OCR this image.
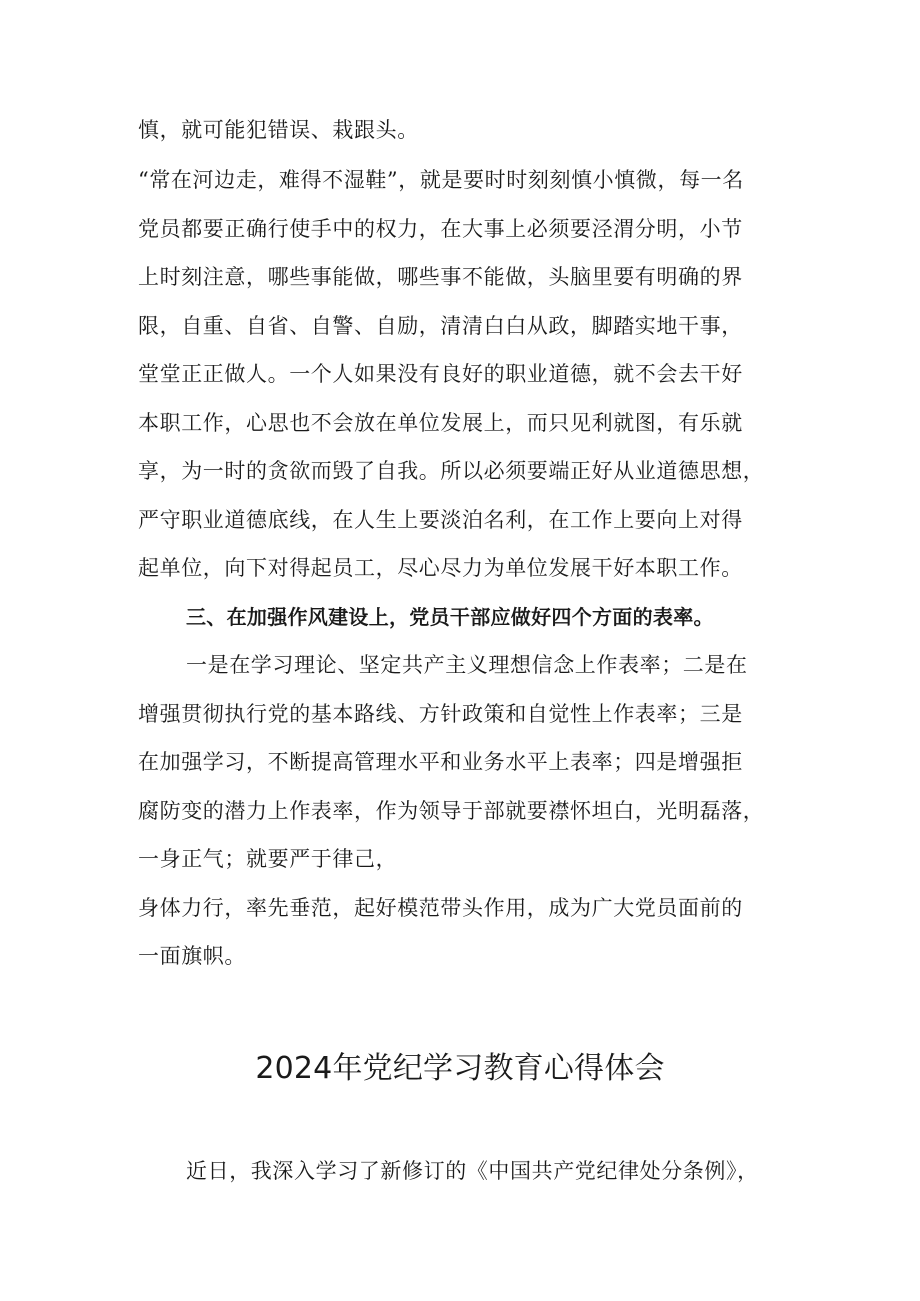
慎，就可能犯错误、栽跟头。
“常在河边走，难得不湿鞋”，就是要时时刻刻慎小慎微，每一名
党员都要正确行使手中的权力，在大事上必须要泾渭分明，小节
上时刻注意，哪些事能做，哪些事不能做，头脑里要有明确的界
限，自重、自省、自警、自励，清清白白从政，脚踏实地干事，
堂堂正正做人。一个人如果没有良好的职业道德，就不会去干好
本职工作，心思也不会放在单位发展上，而只见利就图，有乐就
享，为一时的贪欲而毁了自我。所以必须要端正好从业道德思想，
严守职业道德底线，在人生上要淡泊名利，在工作上要向上对得
起单位，向下对得起员工，尽心尽力为单位发展干好本职工作。
三、在加强作风建设上，党员干部应做好四个方面的表率。
一是在学习理论、坚定共产主义理想信念上作表率；二是在
增强贯彻执行党的基本路线、方针政策和自觉性上作表率；三是
在加强学习，不断提高管理水平和业务水平上表率；四是增强拒
腐防变的潜力上作表率，作为领导于部就要襟怀坦白，光明磊落，
一身正气；就要严于律己，
身体力行，率先垂范，起好模范带头作用，成为广大党员面前的
一面旗帜。
2024年党纪学习教育心得体会
近日，我深入学习了新修订的《中国共产党纪律处分条例》，
